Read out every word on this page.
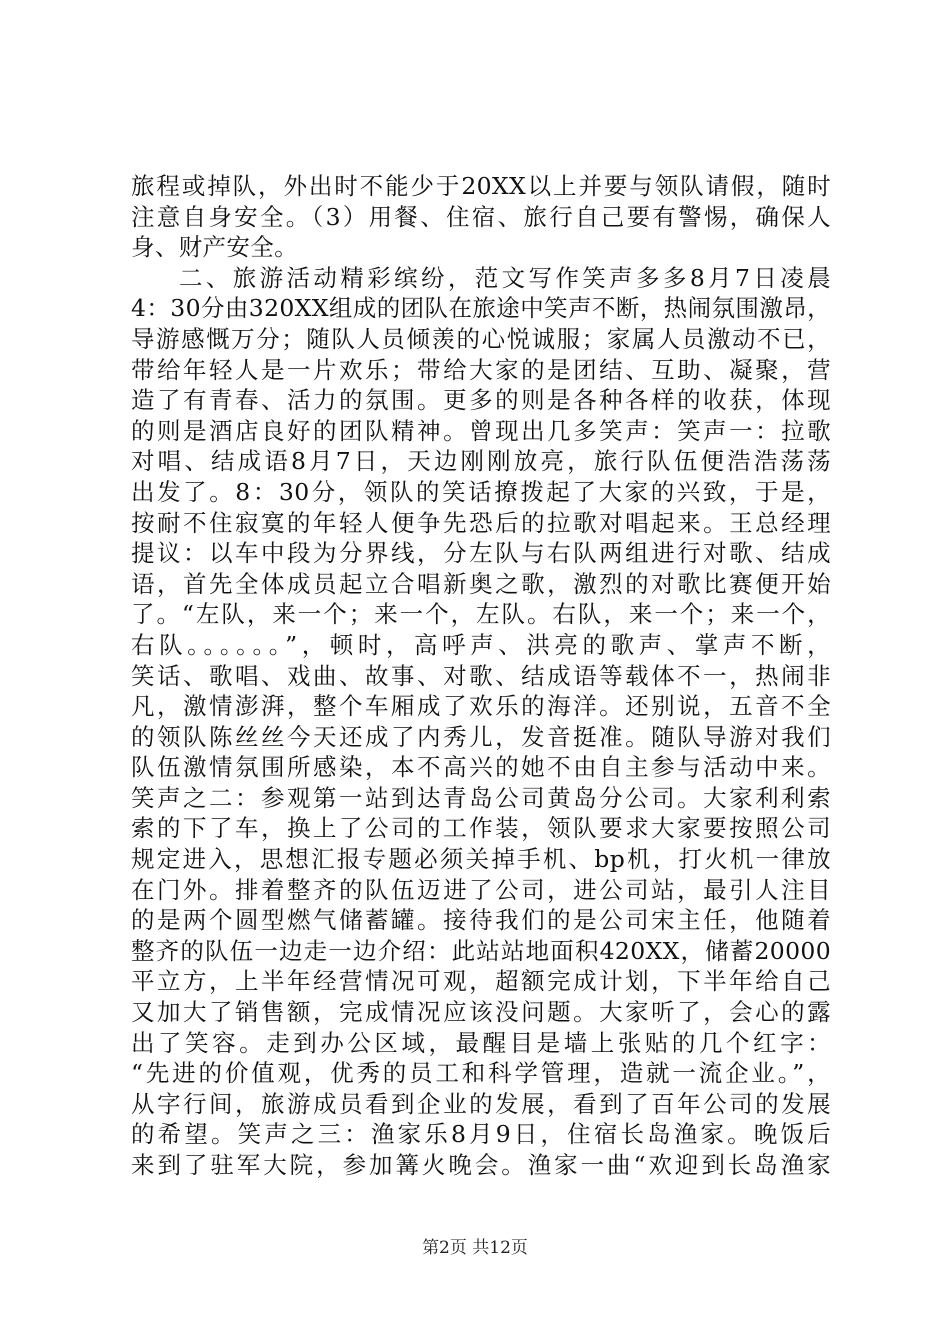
旅程或掉队，外出时不能少于20XX以上并要与领队请假，随时
注意自身安全。（3）用餐、住宿、旅行自己要有警惕，确保人
身、财产安全。
二、旅游活动精彩缤纷，范文写作笑声多多8月7日凌晨
4：30分由320XX组成的团队在旅途中笑声不断，热闹氛围激昂，
导游感慨万分；随队人员倾羡的心悦诚服；家属人员激动不已，
带给年轻人是一片欢乐；带给大家的是团结、互助、凝聚，营
造了有青春、活力的氛围。更多的则是各种各样的收获，体现
的则是酒店良好的团队精神。曾现出几多笑声：笑声一：拉歌
对唱、结成语8月7日，天边刚刚放亮，旅行队伍便浩浩荡荡
出发了。8：30分，领队的笑话撩拨起了大家的兴致，于是，
按耐不住寂寞的年轻人便争先恐后的拉歌对唱起来。王总经理
提议：以车中段为分界线，分左队与右队两组进行对歌、结成
语，首先全体成员起立合唱新奥之歌，激烈的对歌比赛便开始
了。“左队，来一个；来一个，左队。右队，来一个；来一个，
右队。。。。。。”，顿时，高呼声、洪亮的歌声、掌声不断，
笑话、歌唱、戏曲、故事、对歌、结成语等载体不一，热闹非
凡，激情澎湃，整个车厢成了欢乐的海洋。还别说，五音不全
的领队陈丝丝今天还成了内秀儿，发音挺准。随队导游对我们
队伍激情氛围所感染，本不高兴的她不由自主参与活动中来。
笑声之二：参观第一站到达青岛公司黄岛分公司。大家利利索
索的下了车，换上了公司的工作装，领队要求大家要按照公司
规定进入，思想汇报专题必须关掉手机、bp机，打火机一律放
在门外。排着整齐的队伍迈进了公司，进公司站，最引人注目
的是两个圆型燃气储蓄罐。接待我们的是公司宋主任，他随着
整齐的队伍一边走一边介绍：此站站地面积420XX，储蓄20000
平立方，上半年经营情况可观，超额完成计划，下半年给自己
又加大了销售额，完成情况应该没问题。大家听了，会心的露
出了笑容。走到办公区域，最醒目是墙上张贴的几个红字：
“先进的价值观，优秀的员工和科学管理，造就一流企业。”，
从字行间，旅游成员看到企业的发展，看到了百年公司的发展
的希望。笑声之三：渔家乐8月9日，住宿长岛渔家。晚饭后
来到了驻军大院，参加篝火晚会。渔家一曲“欢迎到长岛渔家
第2页 共12页
